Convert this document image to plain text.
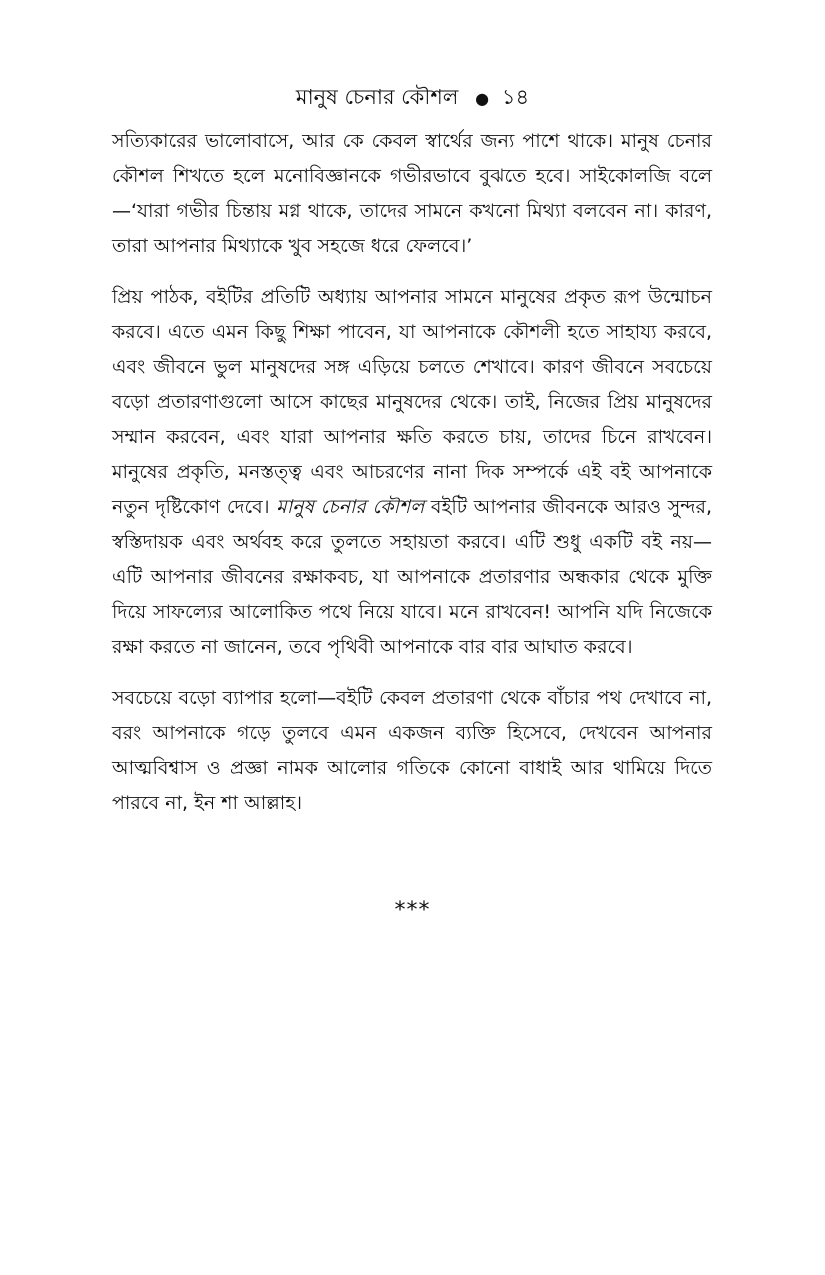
মানুষ চেনার কৌশল ● ১৪

সত্যিকারের ভালোবাসে, আর কে কেবল স্বার্থের জন্য পাশে থাকে। মানুষ চেনার কৌশল শিখতে হলে মনোবিজ্ঞানকে গভীরভাবে বুঝতে হবে। সাইকোলজি বলে—‘যারা গভীর চিন্তায় মগ্ন থাকে, তাদের সামনে কখনো মিথ্যা বলবেন না। কারণ, তারা আপনার মিথ্যাকে খুব সহজে ধরে ফেলবে।’

প্রিয় পাঠক, বইটির প্রতিটি অধ্যায় আপনার সামনে মানুষের প্রকৃত রূপ উন্মোচন করবে। এতে এমন কিছু শিক্ষা পাবেন, যা আপনাকে কৌশলী হতে সাহায্য করবে, এবং জীবনে ভুল মানুষদের সঙ্গ এড়িয়ে চলতে শেখাবে। কারণ জীবনে সবচেয়ে বড়ো প্রতারণাগুলো আসে কাছের মানুষদের থেকে। তাই, নিজের প্রিয় মানুষদের সম্মান করবেন, এবং যারা আপনার ক্ষতি করতে চায়, তাদের চিনে রাখবেন। মানুষের প্রকৃতি, মনস্তত্ত্ব এবং আচরণের নানা দিক সম্পর্কে এই বই আপনাকে নতুন দৃষ্টিকোণ দেবে। মানুষ চেনার কৌশল বইটি আপনার জীবনকে আরও সুন্দর, স্বস্তিদায়ক এবং অর্থবহ করে তুলতে সহায়তা করবে। এটি শুধু একটি বই নয়—এটি আপনার জীবনের রক্ষাকবচ, যা আপনাকে প্রতারণার অন্ধকার থেকে মুক্তি দিয়ে সাফল্যের আলোকিত পথে নিয়ে যাবে। মনে রাখবেন! আপনি যদি নিজেকে রক্ষা করতে না জানেন, তবে পৃথিবী আপনাকে বার বার আঘাত করবে।

সবচেয়ে বড়ো ব্যাপার হলো—বইটি কেবল প্রতারণা থেকে বাঁচার পথ দেখাবে না, বরং আপনাকে গড়ে তুলবে এমন একজন ব্যক্তি হিসেবে, দেখবেন আপনার আত্মবিশ্বাস ও প্রজ্ঞা নামক আলোর গতিকে কোনো বাধাই আর থামিয়ে দিতে পারবে না, ইন শা আল্লাহ।

***
